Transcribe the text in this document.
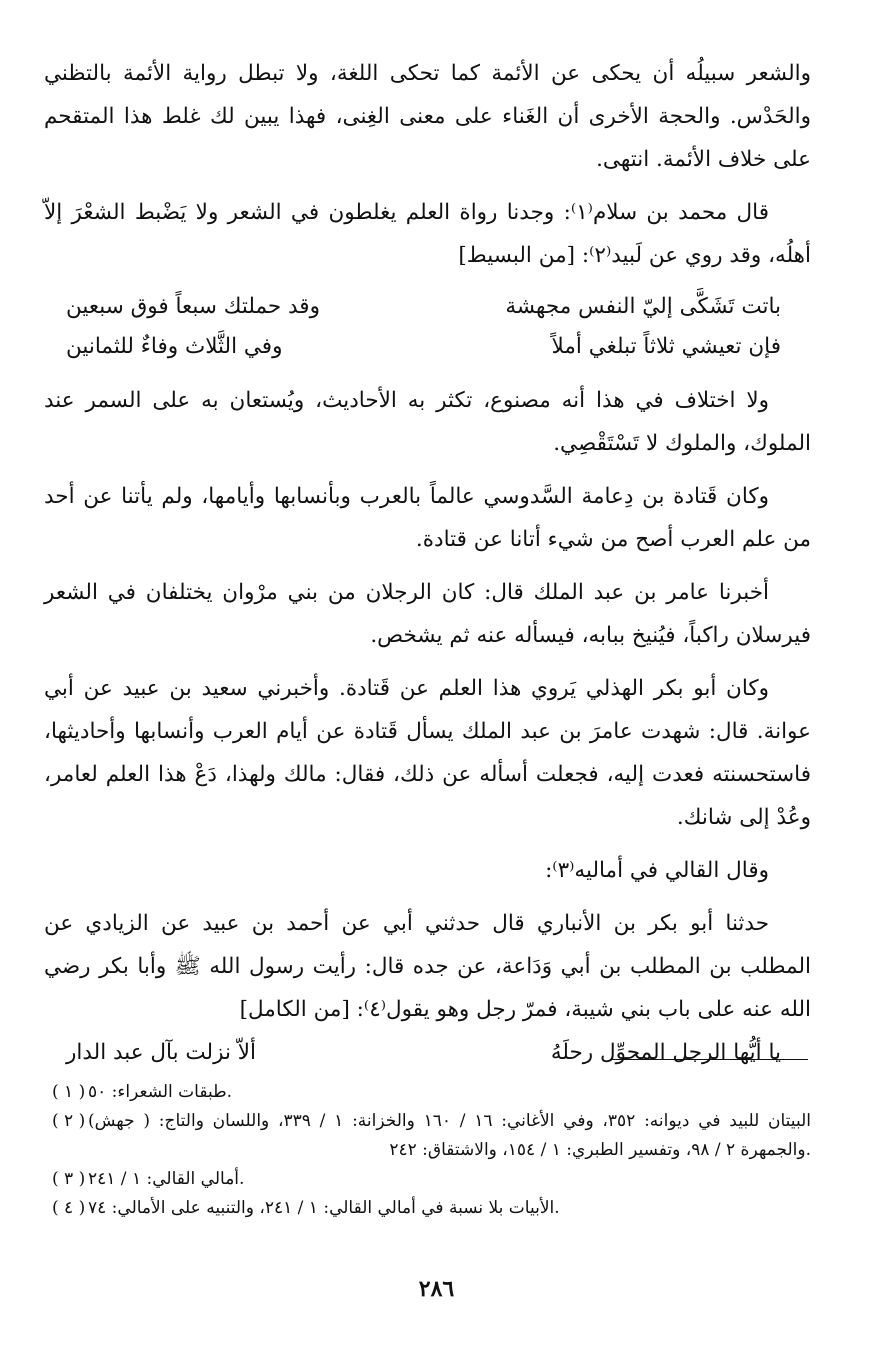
والشعر سبيلُه أن يحكى عن الأئمة كما تحكى اللغة، ولا تبطل رواية الأئمة بالتظني والحَدْس. والحجة الأخرى أن الغَناء على معنى الغِنى، فهذا يبين لك غلط هذا المتقحم على خلاف الأئمة. انتهى.

قال محمد بن سلام⁽١⁾: وجدنا رواة العلم يغلطون في الشعر ولا يَضْبط الشعْرَ إلاّ أهلُه، وقد روي عن لَبيد⁽٢⁾: [من البسيط]

باتت تَشَكَّى إليّ النفس مجهشة
وقد حملتك سبعاً فوق سبعين
فإن تعيشي ثلاثاً تبلغي أملاً
وفي الثَّلاث وفاءٌ للثمانين

ولا اختلاف في هذا أنه مصنوع، تكثر به الأحاديث، ويُستعان به على السمر عند الملوك، والملوك لا تَسْتَقْصِي.

وكان قَتادة بن دِعامة السَّدوسي عالماً بالعرب وبأنسابها وأيامها، ولم يأتنا عن أحد من علم العرب أصح من شيء أتانا عن قتادة.

أخبرنا عامر بن عبد الملك قال: كان الرجلان من بني مرْوان يختلفان في الشعر فيرسلان راكباً، فيُنيخ ببابه، فيسأله عنه ثم يشخص.

وكان أبو بكر الهذلي يَروي هذا العلم عن قَتادة. وأخبرني سعيد بن عبيد عن أبي عوانة. قال: شهدت عامرَ بن عبد الملك يسأل قَتادة عن أيام العرب وأنسابها وأحاديثها، فاستحسنته فعدت إليه، فجعلت أسأله عن ذلك، فقال: مالك ولهذا، دَعْ هذا العلم لعامر، وعُدْ إلى شانك.

وقال القالي في أماليه⁽٣⁾:

حدثنا أبو بكر بن الأنباري قال حدثني أبي عن أحمد بن عبيد عن الزيادي عن المطلب بن المطلب بن أبي وَدَاعة، عن جده قال: رأيت رسول الله ﷺ وأبا بكر رضي الله عنه على باب بني شيبة، فمرّ رجل وهو يقول⁽٤⁾: [من الكامل]

يا أيُّها الرجل المحوِّل رحلَهُ
ألاّ نزلت بآل عبد الدار
( ١ ) طبقات الشعراء: ٥٠.
( ٢ ) البيتان للبيد في ديوانه: ٣٥٢، وفي الأغاني: ١٦ / ١٦٠ والخزانة: ١ / ٣٣٩، واللسان والتاج: ( جهش) والجمهرة ٢ / ٩٨، وتفسير الطبري: ١ / ١٥٤، والاشتقاق: ٢٤٢.
( ٣ ) أمالي القالي: ١ / ٢٤١.
( ٤ ) الأبيات بلا نسبة في أمالي القالي: ١ / ٢٤١، والتنبيه على الأمالي: ٧٤.
٢٨٦
